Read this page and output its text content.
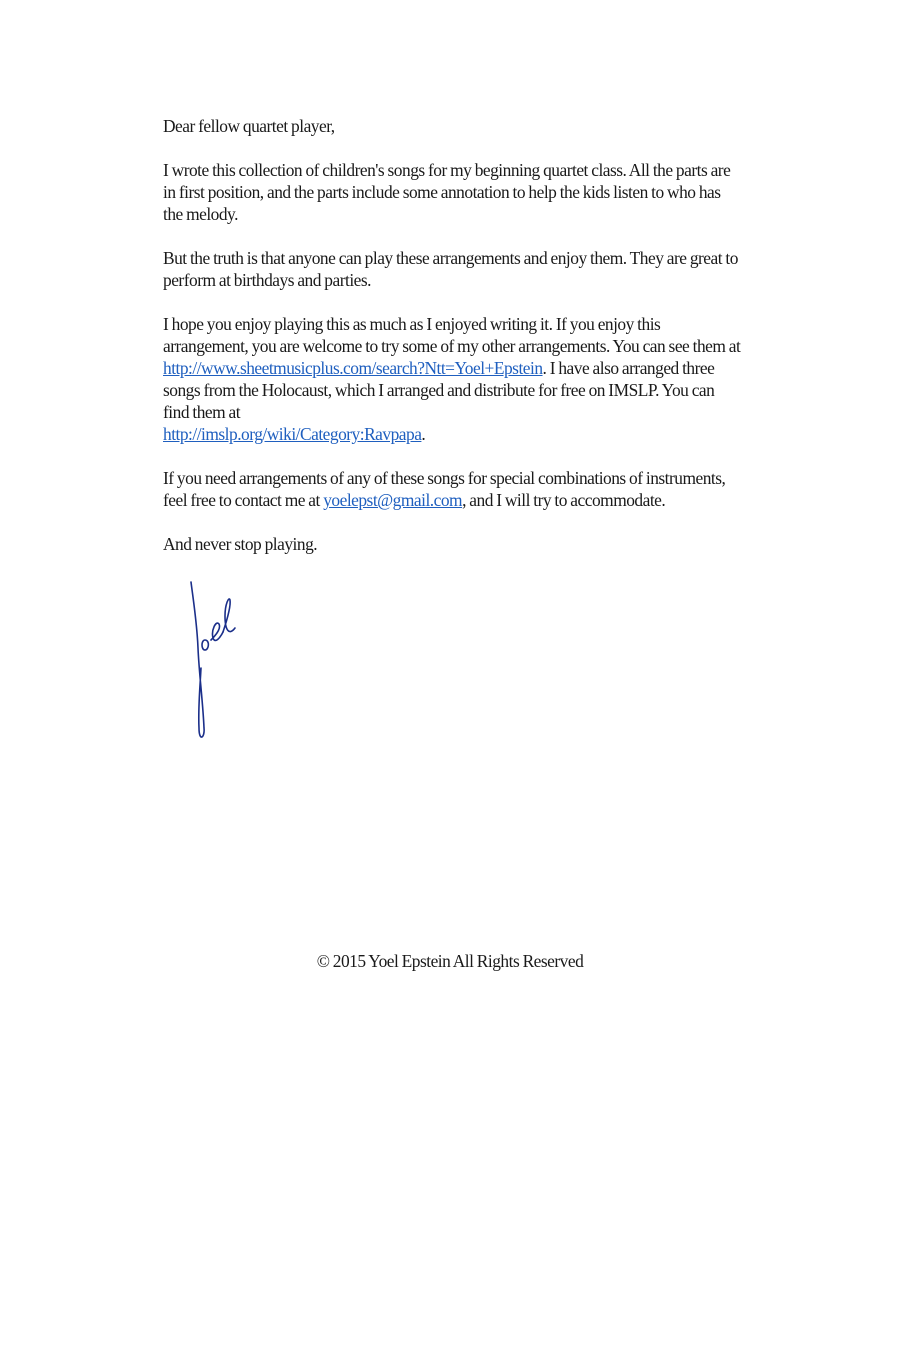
Dear fellow quartet player,

I wrote this collection of children's songs for my beginning quartet class. All the parts are in first position, and the parts include some annotation to help the kids listen to who has the melody.

But the truth is that anyone can play these arrangements and enjoy them. They are great to perform at birthdays and parties.

I hope you enjoy playing this as much as I enjoyed writing it. If you enjoy this arrangement, you are welcome to try some of my other arrangements. You can see them at http://www.sheetmusicplus.com/search?Ntt=Yoel+Epstein. I have also arranged three songs from the Holocaust, which I arranged and distribute for free on IMSLP. You can find them at
http://imslp.org/wiki/Category:Ravpapa.

If you need arrangements of any of these songs for special combinations of instruments, feel free to contact me at yoelepst@gmail.com, and I will try to accommodate.

And never stop playing.

© 2015 Yoel Epstein All Rights Reserved
